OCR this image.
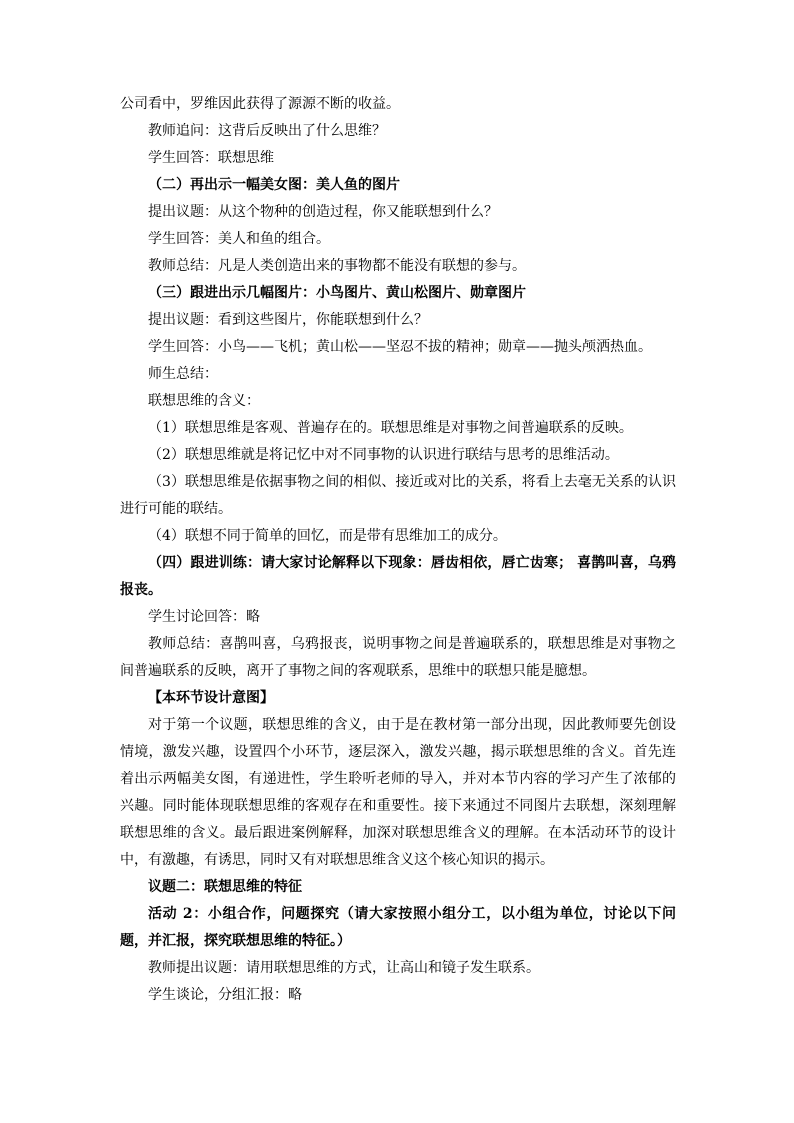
公司看中，罗维因此获得了源源不断的收益。
教师追问：这背后反映出了什么思维？
学生回答：联想思维
（二）再出示一幅美女图：美人鱼的图片
提出议题：从这个物种的创造过程，你又能联想到什么？
学生回答：美人和鱼的组合。
教师总结：凡是人类创造出来的事物都不能没有联想的参与。
（三）跟进出示几幅图片：小鸟图片、黄山松图片、勋章图片
提出议题：看到这些图片，你能联想到什么？
学生回答：小鸟——飞机；黄山松——坚忍不拔的精神；勋章——抛头颅洒热血。
师生总结：
联想思维的含义：
（1）联想思维是客观、普遍存在的。联想思维是对事物之间普遍联系的反映。
（2）联想思维就是将记忆中对不同事物的认识进行联结与思考的思维活动。
（3）联想思维是依据事物之间的相似、接近或对比的关系，将看上去毫无关系的认识进行可能的联结。
（4）联想不同于简单的回忆，而是带有思维加工的成分。
（四）跟进训练：请大家讨论解释以下现象：唇齿相依，唇亡齿寒； 喜鹊叫喜，乌鸦报丧。
学生讨论回答：略
教师总结：喜鹊叫喜，乌鸦报丧，说明事物之间是普遍联系的，联想思维是对事物之间普遍联系的反映，离开了事物之间的客观联系，思维中的联想只能是臆想。
【本环节设计意图】
对于第一个议题，联想思维的含义，由于是在教材第一部分出现，因此教师要先创设情境，激发兴趣，设置四个小环节，逐层深入，激发兴趣，揭示联想思维的含义。首先连着出示两幅美女图，有递进性，学生聆听老师的导入，并对本节内容的学习产生了浓郁的兴趣。同时能体现联想思维的客观存在和重要性。接下来通过不同图片去联想，深刻理解联想思维的含义。最后跟进案例解释，加深对联想思维含义的理解。在本活动环节的设计中，有激趣，有诱思，同时又有对联想思维含义这个核心知识的揭示。
议题二：联想思维的特征
活动 2：小组合作，问题探究（请大家按照小组分工，以小组为单位，讨论以下问题，并汇报，探究联想思维的特征。）
教师提出议题：请用联想思维的方式，让高山和镜子发生联系。
学生谈论，分组汇报：略
